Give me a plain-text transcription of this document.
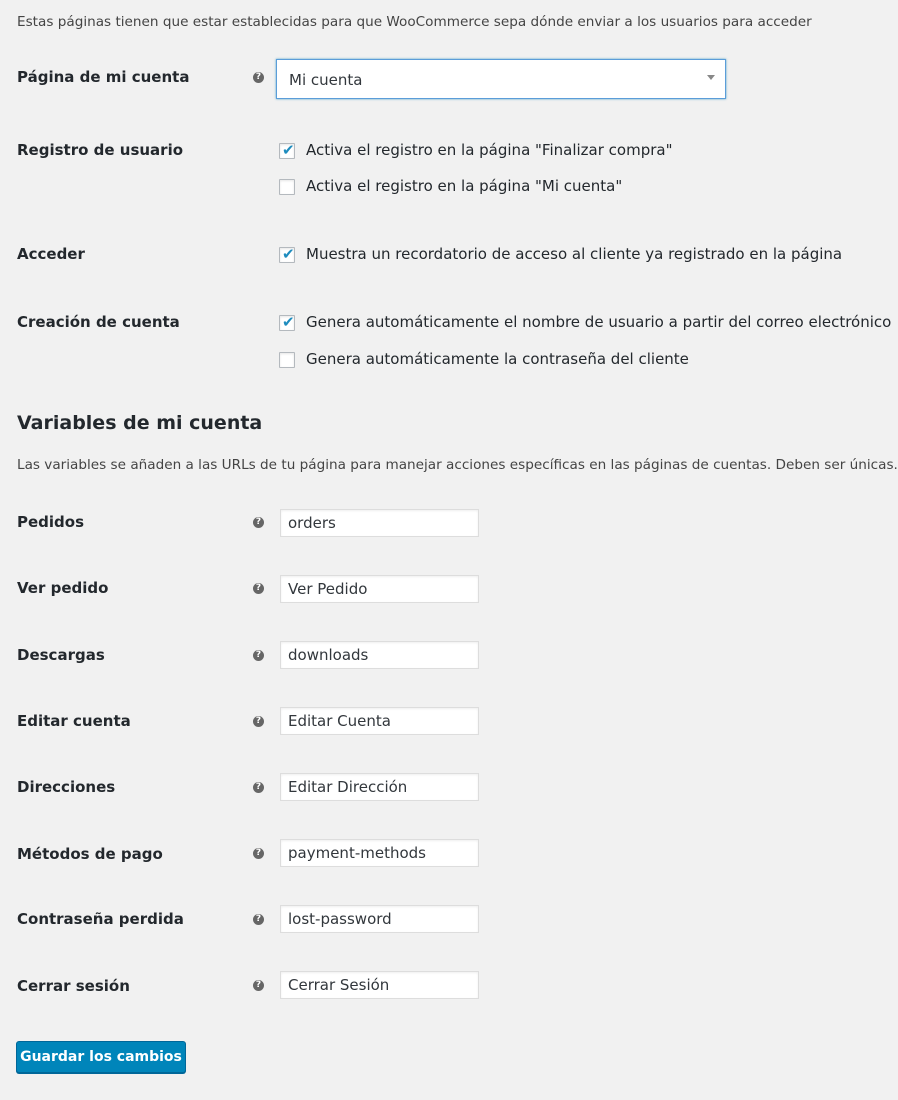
Estas páginas tienen que estar establecidas para que WooCommerce sepa dónde enviar a los usuarios para acceder
Página de mi cuenta	? Mi cuenta
Registro de usuario	✔ Activa el registro en la página "Finalizar compra"
Activa el registro en la página "Mi cuenta"
Acceder	✔ Muestra un recordatorio de acceso al cliente ya registrado en la página
Creación de cuenta	✔ Genera automáticamente el nombre de usuario a partir del correo electrónico
Genera automáticamente la contraseña del cliente
Variables de mi cuenta
Las variables se añaden a las URLs de tu página para manejar acciones específicas en las páginas de cuentas. Deben ser únicas.
Pedidos	? orders
Ver pedido	? Ver Pedido
Descargas	? downloads
Editar cuenta	? Editar Cuenta
Direcciones	? Editar Dirección
Métodos de pago	? payment-methods
Contraseña perdida	? lost-password
Cerrar sesión	? Cerrar Sesión
Guardar los cambios
